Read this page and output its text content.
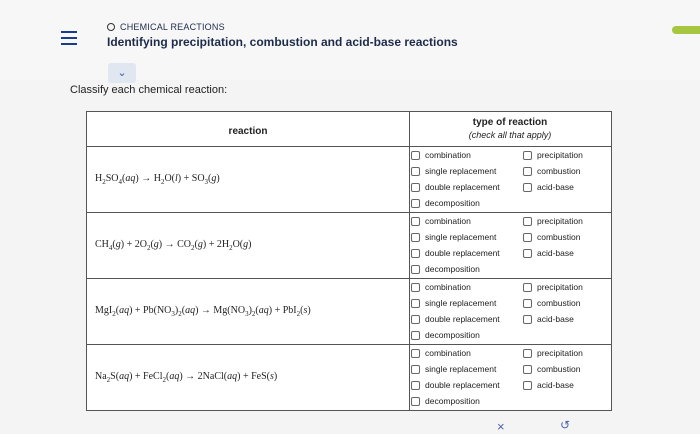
CHEMICAL REACTIONS
Identifying precipitation, combustion and acid-base reactions
⌄
Classify each chemical reaction:
reaction
type of reaction
(check all that apply)
$H_2SO_4(aq) \to H_2O(l) + SO_3(g)$
combination
single replacement
double replacement
decomposition
precipitation
combustion
acid-base
$CH_4(g) + 2O_2(g) \to CO_2(g) + 2H_2O(g)$
combination
single replacement
double replacement
decomposition
precipitation
combustion
acid-base
$MgI_2(aq) + Pb(NO_3)_2(aq) \to Mg(NO_3)_2(aq) + PbI_2(s)$
combination
single replacement
double replacement
decomposition
precipitation
combustion
acid-base
$Na_2S(aq)$ + FeCl$_2$(aq) → 2NaCl(aq) + FeS(s)
combination
single replacement
double replacement
decomposition
precipitation
combustion
acid-base
×	↺
